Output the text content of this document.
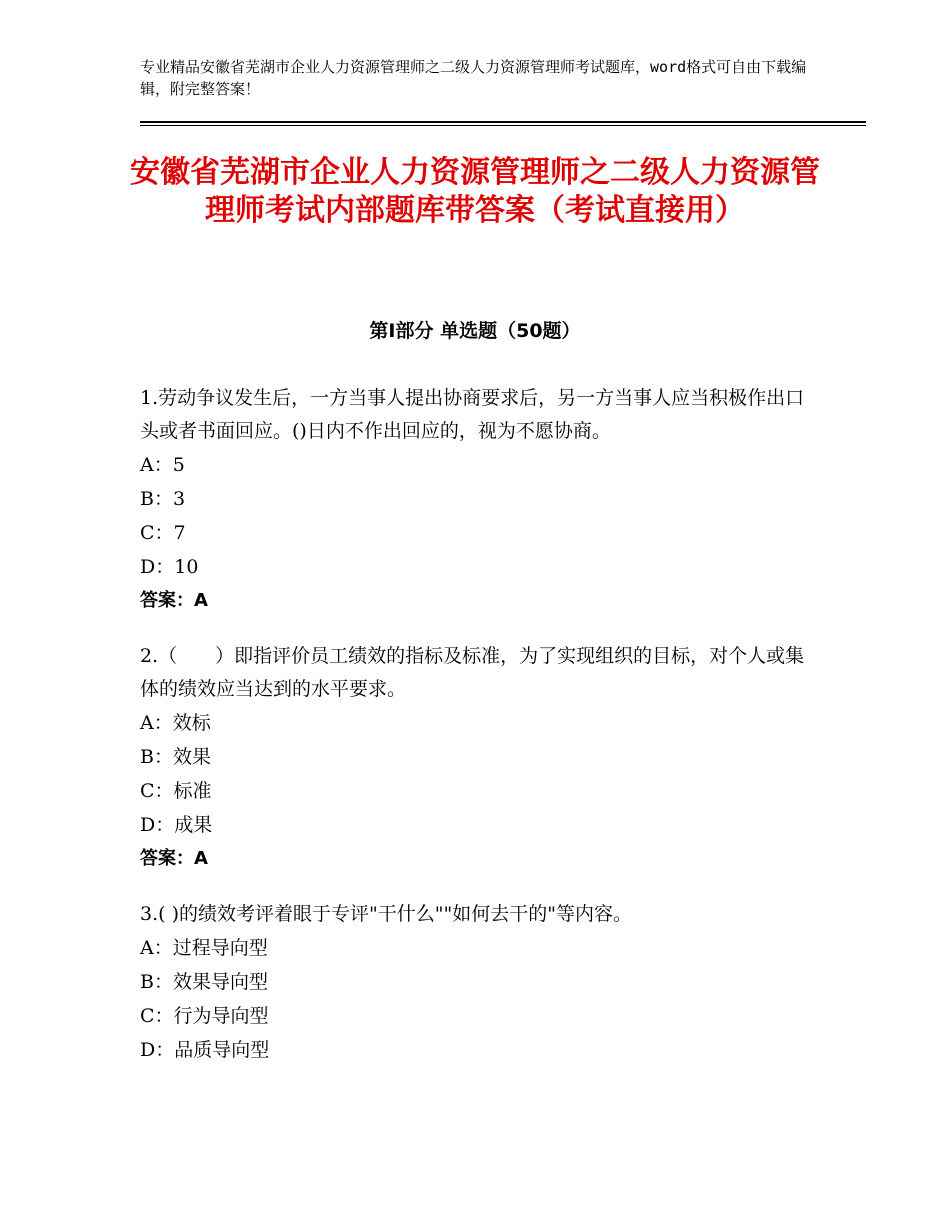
专业精品安徽省芜湖市企业人力资源管理师之二级人力资源管理师考试题库，word格式可自由下载编辑，附完整答案！
安徽省芜湖市企业人力资源管理师之二级人力资源管理师考试内部题库带答案（考试直接用）
第Ⅰ部分 单选题（50题）

1.劳动争议发生后，一方当事人提出协商要求后，另一方当事人应当积极作出口头或者书面回应。()日内不作出回应的，视为不愿协商。

A：5

B：3

C：7

D：10

答案：A

2.（　　）即指评价员工绩效的指标及标准，为了实现组织的目标，对个人或集体的绩效应当达到的水平要求。

A：效标

B：效果

C：标准

D：成果

答案：A

3.( )的绩效考评着眼于专评"干什么""如何去干的"等内容。

A：过程导向型

B：效果导向型

C：行为导向型

D：品质导向型
